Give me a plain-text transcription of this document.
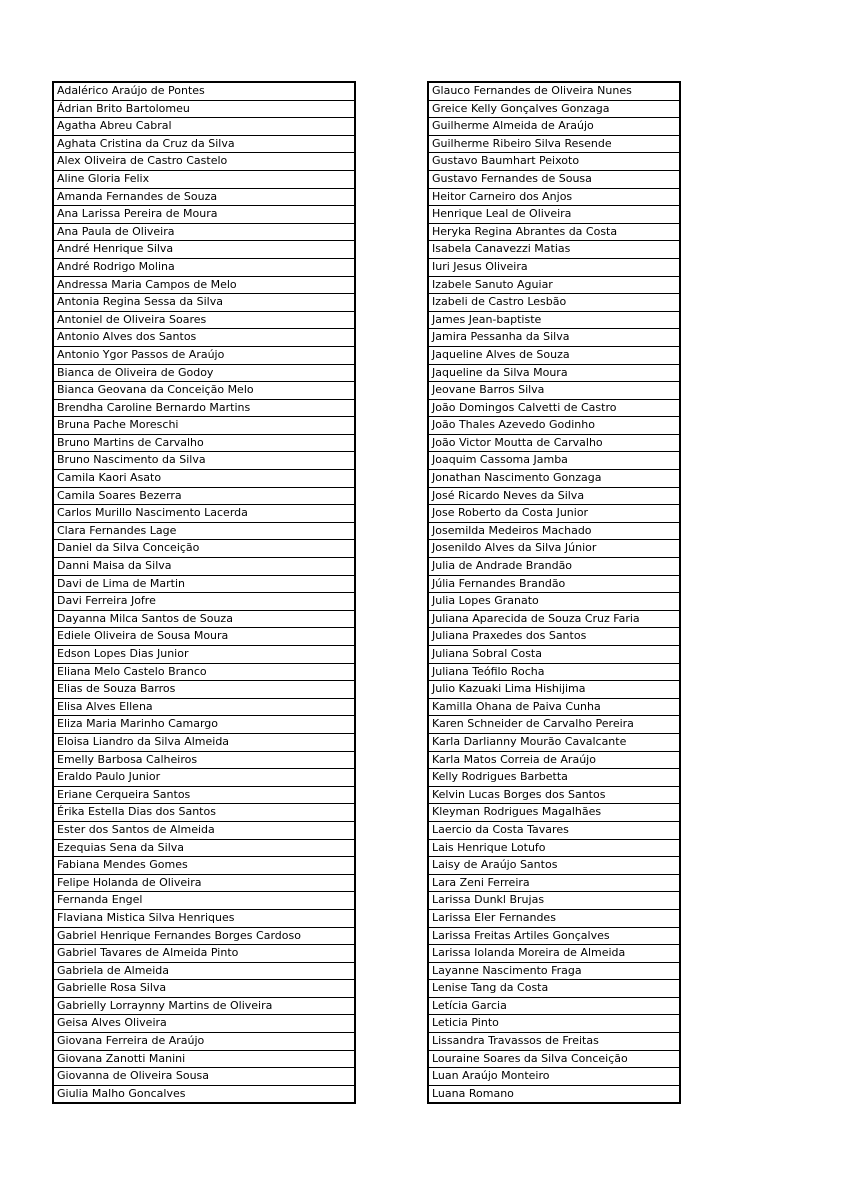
Adalérico Araújo de Pontes
Ádrian Brito Bartolomeu
Agatha Abreu Cabral
Aghata Cristina da Cruz da Silva
Alex Oliveira de Castro Castelo
Aline Gloria Felix
Amanda Fernandes de Souza
Ana Larissa Pereira de Moura
Ana Paula de Oliveira
André Henrique Silva
André Rodrigo Molina
Andressa Maria Campos de Melo
Antonia Regina Sessa da Silva
Antoniel de Oliveira Soares
Antonio Alves dos Santos
Antonio Ygor Passos de Araújo
Bianca de Oliveira de Godoy
Bianca Geovana da Conceição Melo
Brendha Caroline Bernardo Martins
Bruna Pache Moreschi
Bruno Martins de Carvalho
Bruno Nascimento da Silva
Camila Kaori Asato
Camila Soares Bezerra
Carlos Murillo Nascimento Lacerda
Clara Fernandes Lage
Daniel da Silva Conceição
Danni Maisa da Silva
Davi de Lima de Martin
Davi Ferreira Jofre
Dayanna Milca Santos de Souza
Ediele Oliveira de Sousa Moura
Edson Lopes Dias Junior
Eliana Melo Castelo Branco
Elias de Souza Barros
Elisa Alves Ellena
Eliza Maria Marinho Camargo
Eloisa Liandro da Silva Almeida
Emelly Barbosa Calheiros
Eraldo Paulo Junior
Eriane Cerqueira Santos
Érika Estella Dias dos Santos
Ester dos Santos de Almeida
Ezequias Sena da Silva
Fabiana Mendes Gomes
Felipe Holanda de Oliveira
Fernanda Engel
Flaviana Mistica Silva Henriques
Gabriel Henrique Fernandes Borges Cardoso
Gabriel Tavares de Almeida Pinto
Gabriela de Almeida
Gabrielle Rosa Silva
Gabrielly Lorraynny Martins de Oliveira
Geisa Alves Oliveira
Giovana Ferreira de Araújo
Giovana Zanotti Manini
Giovanna de Oliveira Sousa
Giulia Malho Goncalves
Glauco Fernandes de Oliveira Nunes
Greice Kelly Gonçalves Gonzaga
Guilherme Almeida de Araújo
Guilherme Ribeiro Silva Resende
Gustavo Baumhart Peixoto
Gustavo Fernandes de Sousa
Heitor Carneiro dos Anjos
Henrique Leal de Oliveira
Heryka Regina Abrantes da Costa
Isabela Canavezzi Matias
Iuri Jesus Oliveira
Izabele Sanuto Aguiar
Izabeli de Castro Lesbão
James Jean-baptiste
Jamira Pessanha da Silva
Jaqueline Alves de Souza
Jaqueline da Silva Moura
Jeovane Barros Silva
João Domingos Calvetti de Castro
João Thales Azevedo Godinho
João Victor Moutta de Carvalho
Joaquim Cassoma Jamba
Jonathan Nascimento Gonzaga
José Ricardo Neves da Silva
Jose Roberto da Costa Junior
Josemilda Medeiros Machado
Josenildo Alves da Silva Júnior
Julia de Andrade Brandão
Júlia Fernandes Brandão
Julia Lopes Granato
Juliana Aparecida de Souza Cruz Faria
Juliana Praxedes dos Santos
Juliana Sobral Costa
Juliana Teófilo Rocha
Julio Kazuaki Lima Hishijima
Kamilla Ohana de Paiva Cunha
Karen Schneider de Carvalho Pereira
Karla Darlianny Mourão Cavalcante
Karla Matos Correia de Araújo
Kelly Rodrigues Barbetta
Kelvin Lucas Borges dos Santos
Kleyman Rodrigues Magalhães
Laercio da Costa Tavares
Lais Henrique Lotufo
Laisy de Araújo Santos
Lara Zeni Ferreira
Larissa Dunkl Brujas
Larissa Eler Fernandes
Larissa Freitas Artiles Gonçalves
Larissa Iolanda Moreira de Almeida
Layanne Nascimento Fraga
Lenise Tang da Costa
Letícia Garcia
Leticia Pinto
Lissandra Travassos de Freitas
Louraine Soares da Silva Conceição
Luan Araújo Monteiro
Luana Romano
